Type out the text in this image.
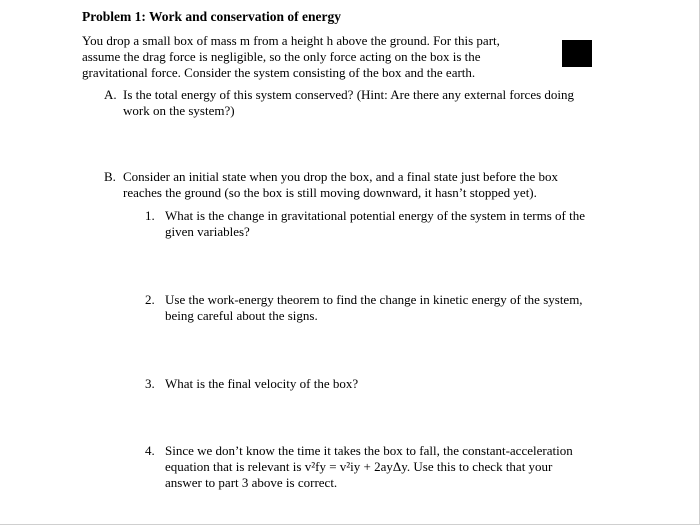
Problem 1: Work and conservation of energy
You drop a small box of mass m from a height h above the ground. For this part,
assume the drag force is negligible, so the only force acting on the box is the
gravitational force. Consider the system consisting of the box and the earth.
A. Is the total energy of this system conserved? (Hint: Are there any external forces doing
work on the system?)
B. Consider an initial state when you drop the box, and a final state just before the box
reaches the ground (so the box is still moving downward, it hasn’t stopped yet).
1. What is the change in gravitational potential energy of the system in terms of the
given variables?
2. Use the work-energy theorem to find the change in kinetic energy of the system,
being careful about the signs.
3. What is the final velocity of the box?
4. Since we don’t know the time it takes the box to fall, the constant-acceleration
equation that is relevant is v²fy = v²iy + 2ayΔy. Use this to check that your
answer to part 3 above is correct.
